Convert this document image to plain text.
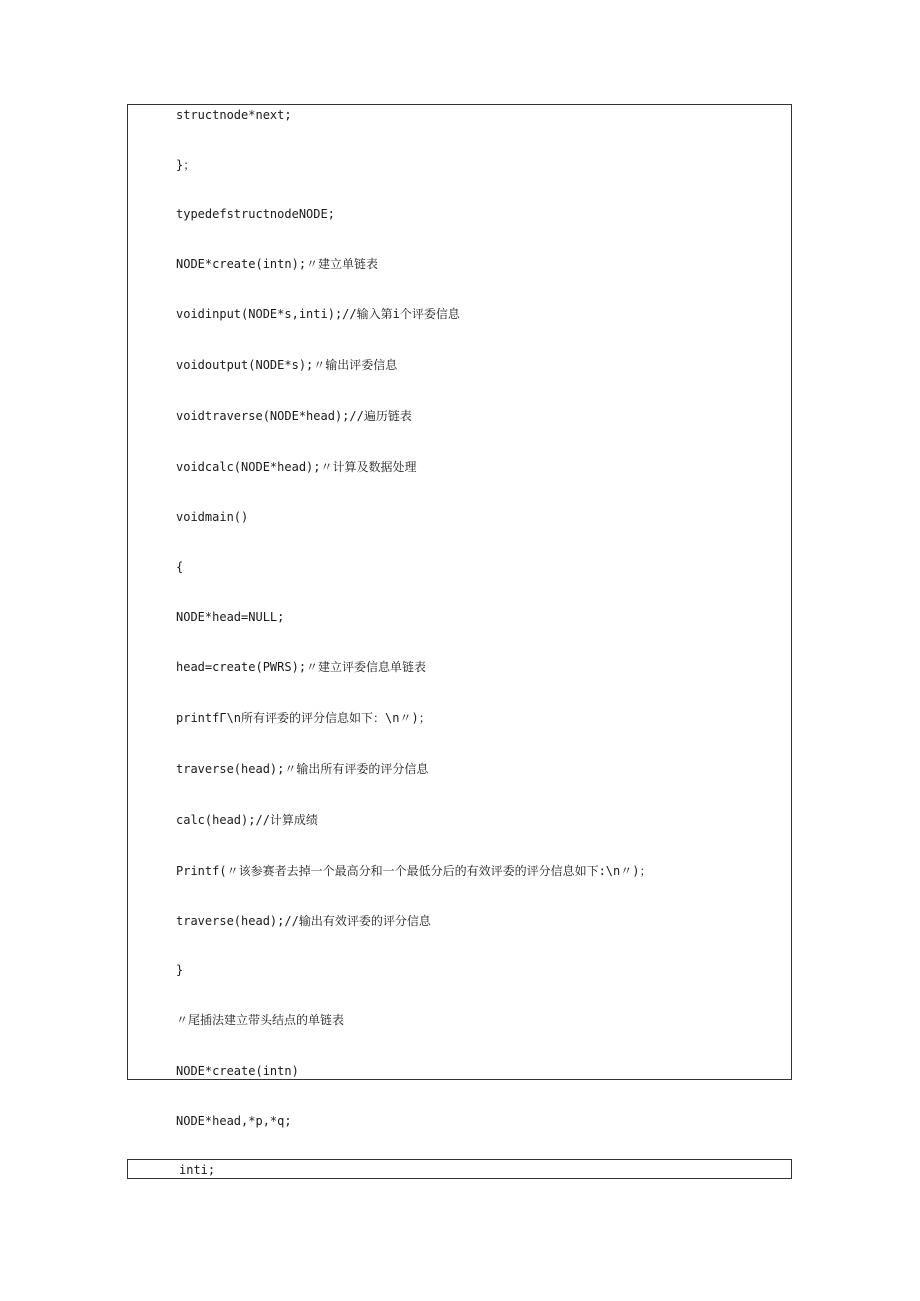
structnode*next;
}；
typedefstructnodeNODE;
NODE*create(intn);〃建立单链表
voidinput(NODE*s,inti);//输入第i个评委信息
voidoutput(NODE*s);〃输出评委信息
voidtraverse(NODE*head);//遍历链表
voidcalc(NODE*head);〃计算及数据处理
voidmain()
{
NODE*head=NULL;
head=create(PWRS);〃建立评委信息单链表
printfΓ\n所有评委的评分信息如下：\n〃)；
traverse(head);〃输出所有评委的评分信息
calc(head);//计算成绩
Printf(〃该参赛者去掉一个最高分和一个最低分后的有效评委的评分信息如下:\n〃)；
traverse(head);//输出有效评委的评分信息
}
〃尾插法建立带头结点的单链表
NODE*create(intn)
NODE*head,*p,*q;
inti;
